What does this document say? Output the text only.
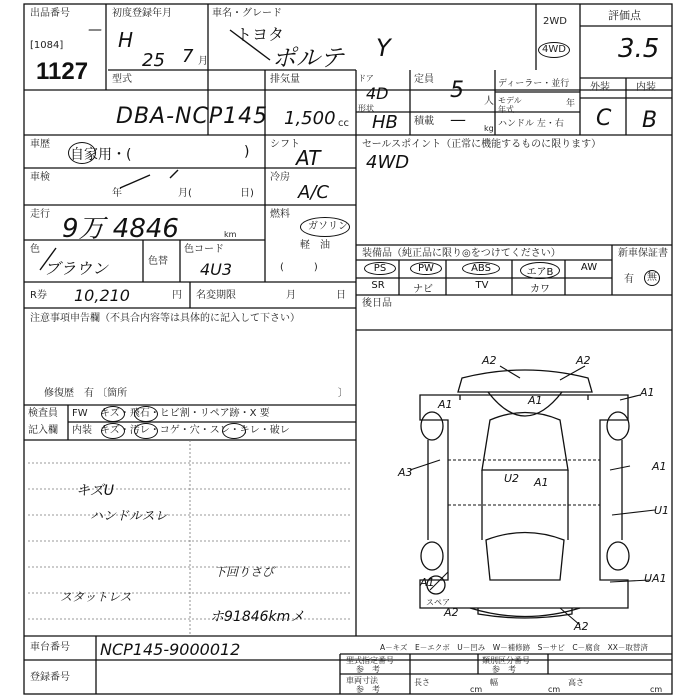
出品番号
—
[1084]
1127
初度登録年月
H
25 7 月
車名・グレード
トヨタ
ポルテ Y
2WD
4WD
評価点
3.5
型式
DBA-NCP145
排気量
1,500 cc
ドア
4D
形状
HB
定員 5 人
積載 — kg
ディーラー・並行
モデル年式
年
ハンドル 左・右
外装	内装
C B
車歴
自家用・(	) シフト
AT
セールスポイント（正常に機能するものに限ります）
4WD
車検
年	月(	日)
冷房
A/C
走行 9万 4846	km
燃料
ガソリン
軽　油
(　　　)
色
ブラウン	色替
色コード
4U3
装備品（純正品に限り◎をつけてください）	新車保証書
有	無
PS	PW	ABS	エアB	AW
SR	ナビ	TV	カワ
後日品
R券 10,210	円 名変期限	月	日
注意事項申告欄（不具合内容等は具体的に記入して下さい）
修復歴　有 〔箇所	〕
検査員
記入欄
FW キズ・飛石・ヒビ割・リペア跡・X 要
内装 キズ・汚レ・コゲ・穴・スレ・キレ・破レ
キズU
ハンドルスレ
下回りさび
スタットレス
ホ91846kmメ
A2	A2
A1
A1
A1
A3	U2 A1
A1
U1
A1	UA1
A2
A2
スペア
A－キズ　E－エクボ　U－凹み　W－補修跡　S－サビ　C－腐食　XX－取替済
車台番号 NCP145-9000012
登録番号
型式指定番号
参　考
類別区分番号
参　考
車両寸法
参　考
長さ
cm
幅
cm
高さ
cm
